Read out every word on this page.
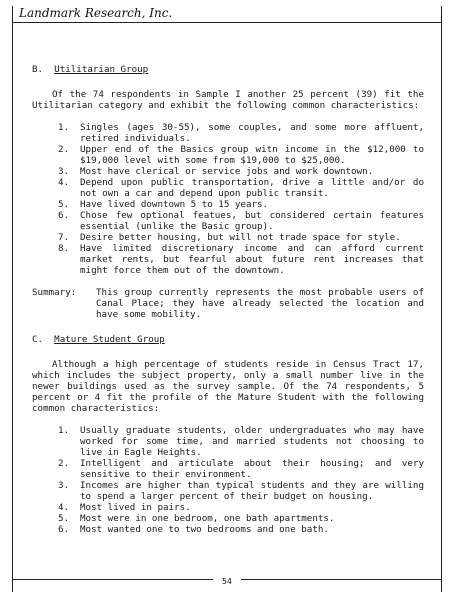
Landmark Research, Inc.
B. Utilitarian Group

Of the 74 respondents in Sample I another 25 percent (39) fit the Utilitarian category and exhibit the following common characteristics:

1. Singles (ages 30-55), some couples, and some more affluent, retired individuals.
2. Upper end of the Basics group witn income in the $12,000 to $19,000 level with some from $19,000 to $25,000.
3. Most have clerical or service jobs and work downtown.
4. Depend upon public transportation, drive a little and/or do not own a car and depend upon public transit.
5. Have lived downtown 5 to 15 years.
6. Chose few optional featues, but considered certain features essential (unlike the Basic group).
7. Desire better housing, but will not trade space for style.
8. Have limited discretionary income and can afford current market rents, but fearful about future rent increases that might force them out of the downtown.
Summary:	This group currently represents the most probable users of Canal Place; they have already selected the location and have some mobility.
C. Mature Student Group

Although a high percentage of students reside in Census Tract 17, which includes the subject property, only a small number live in the newer buildings used as the survey sample. Of the 74 respondents, 5 percent or 4 fit the profile of the Mature Student with the following common characteristics:

1. Usually graduate students, older undergraduates who may have worked for some time, and married students not choosing to live in Eagle Heights.
2. Intelligent and articulate about their housing; and very sensitive to their environment.
3. Incomes are higher than typical students and they are willing to spend a larger percent of their budget on housing.
4. Most lived in pairs.
5. Most were in one bedroom, one bath apartments.
6. Most wanted one to two bedrooms and one bath.
54
